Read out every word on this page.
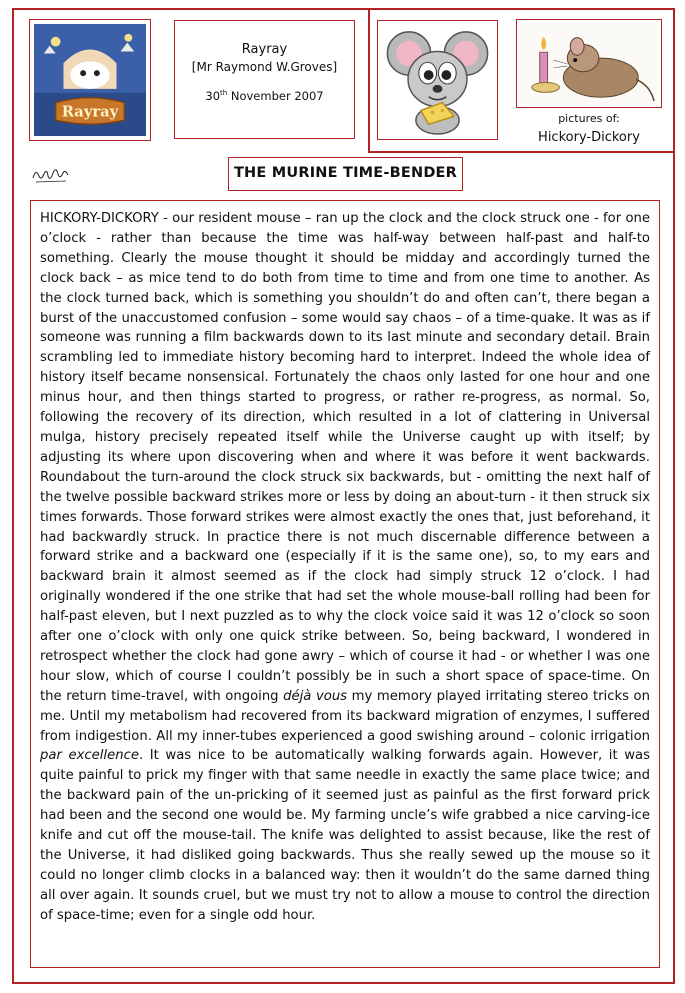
Rayray
Rayray
[Mr Raymond W.Groves]
30th November 2007
pictures of:
Hickory-Dickory
THE MURINE TIME-BENDER
HICKORY-DICKORY - our resident mouse – ran up the clock and the clock struck one - for one o’clock - rather than because the time was half-way between half-past and half-to something. Clearly the mouse thought it should be midday and accordingly turned the clock back – as mice tend to do both from time to time and from one time to another. As the clock turned back, which is something you shouldn’t do and often can’t, there began a burst of the unaccustomed confusion – some would say chaos – of a time-quake. It was as if someone was running a film backwards down to its last minute and secondary detail. Brain scrambling led to immediate history becoming hard to interpret. Indeed the whole idea of history itself became nonsensical. Fortunately the chaos only lasted for one hour and one minus hour, and then things started to progress, or rather re-progress, as normal. So, following the recovery of its direction, which resulted in a lot of clattering in Universal mulga, history precisely repeated itself while the Universe caught up with itself; by adjusting its where upon discovering when and where it was before it went backwards. Roundabout the turn-around the clock struck six backwards, but - omitting the next half of the twelve possible backward strikes more or less by doing an about-turn - it then struck six times forwards. Those forward strikes were almost exactly the ones that, just beforehand, it had backwardly struck. In practice there is not much discernable difference between a forward strike and a backward one (especially if it is the same one), so, to my ears and backward brain it almost seemed as if the clock had simply struck 12 o’clock. I had originally wondered if the one strike that had set the whole mouse-ball rolling had been for half-past eleven, but I next puzzled as to why the clock voice said it was 12 o’clock so soon after one o’clock with only one quick strike between. So, being backward, I wondered in retrospect whether the clock had gone awry – which of course it had - or whether I was one hour slow, which of course I couldn’t possibly be in such a short space of space-time. On the return time-travel, with ongoing déjà vous my memory played irritating stereo tricks on me. Until my metabolism had recovered from its backward migration of enzymes, I suffered from indigestion. All my inner-tubes experienced a good swishing around – colonic irrigation par excellence. It was nice to be automatically walking forwards again. However, it was quite painful to prick my finger with that same needle in exactly the same place twice; and the backward pain of the un-pricking of it seemed just as painful as the first forward prick had been and the second one would be. My farming uncle’s wife grabbed a nice carving-ice knife and cut off the mouse-tail. The knife was delighted to assist because, like the rest of the Universe, it had disliked going backwards. Thus she really sewed up the mouse so it could no longer climb clocks in a balanced way: then it wouldn’t do the same darned thing all over again. It sounds cruel, but we must try not to allow a mouse to control the direction of space-time; even for a single odd hour.
